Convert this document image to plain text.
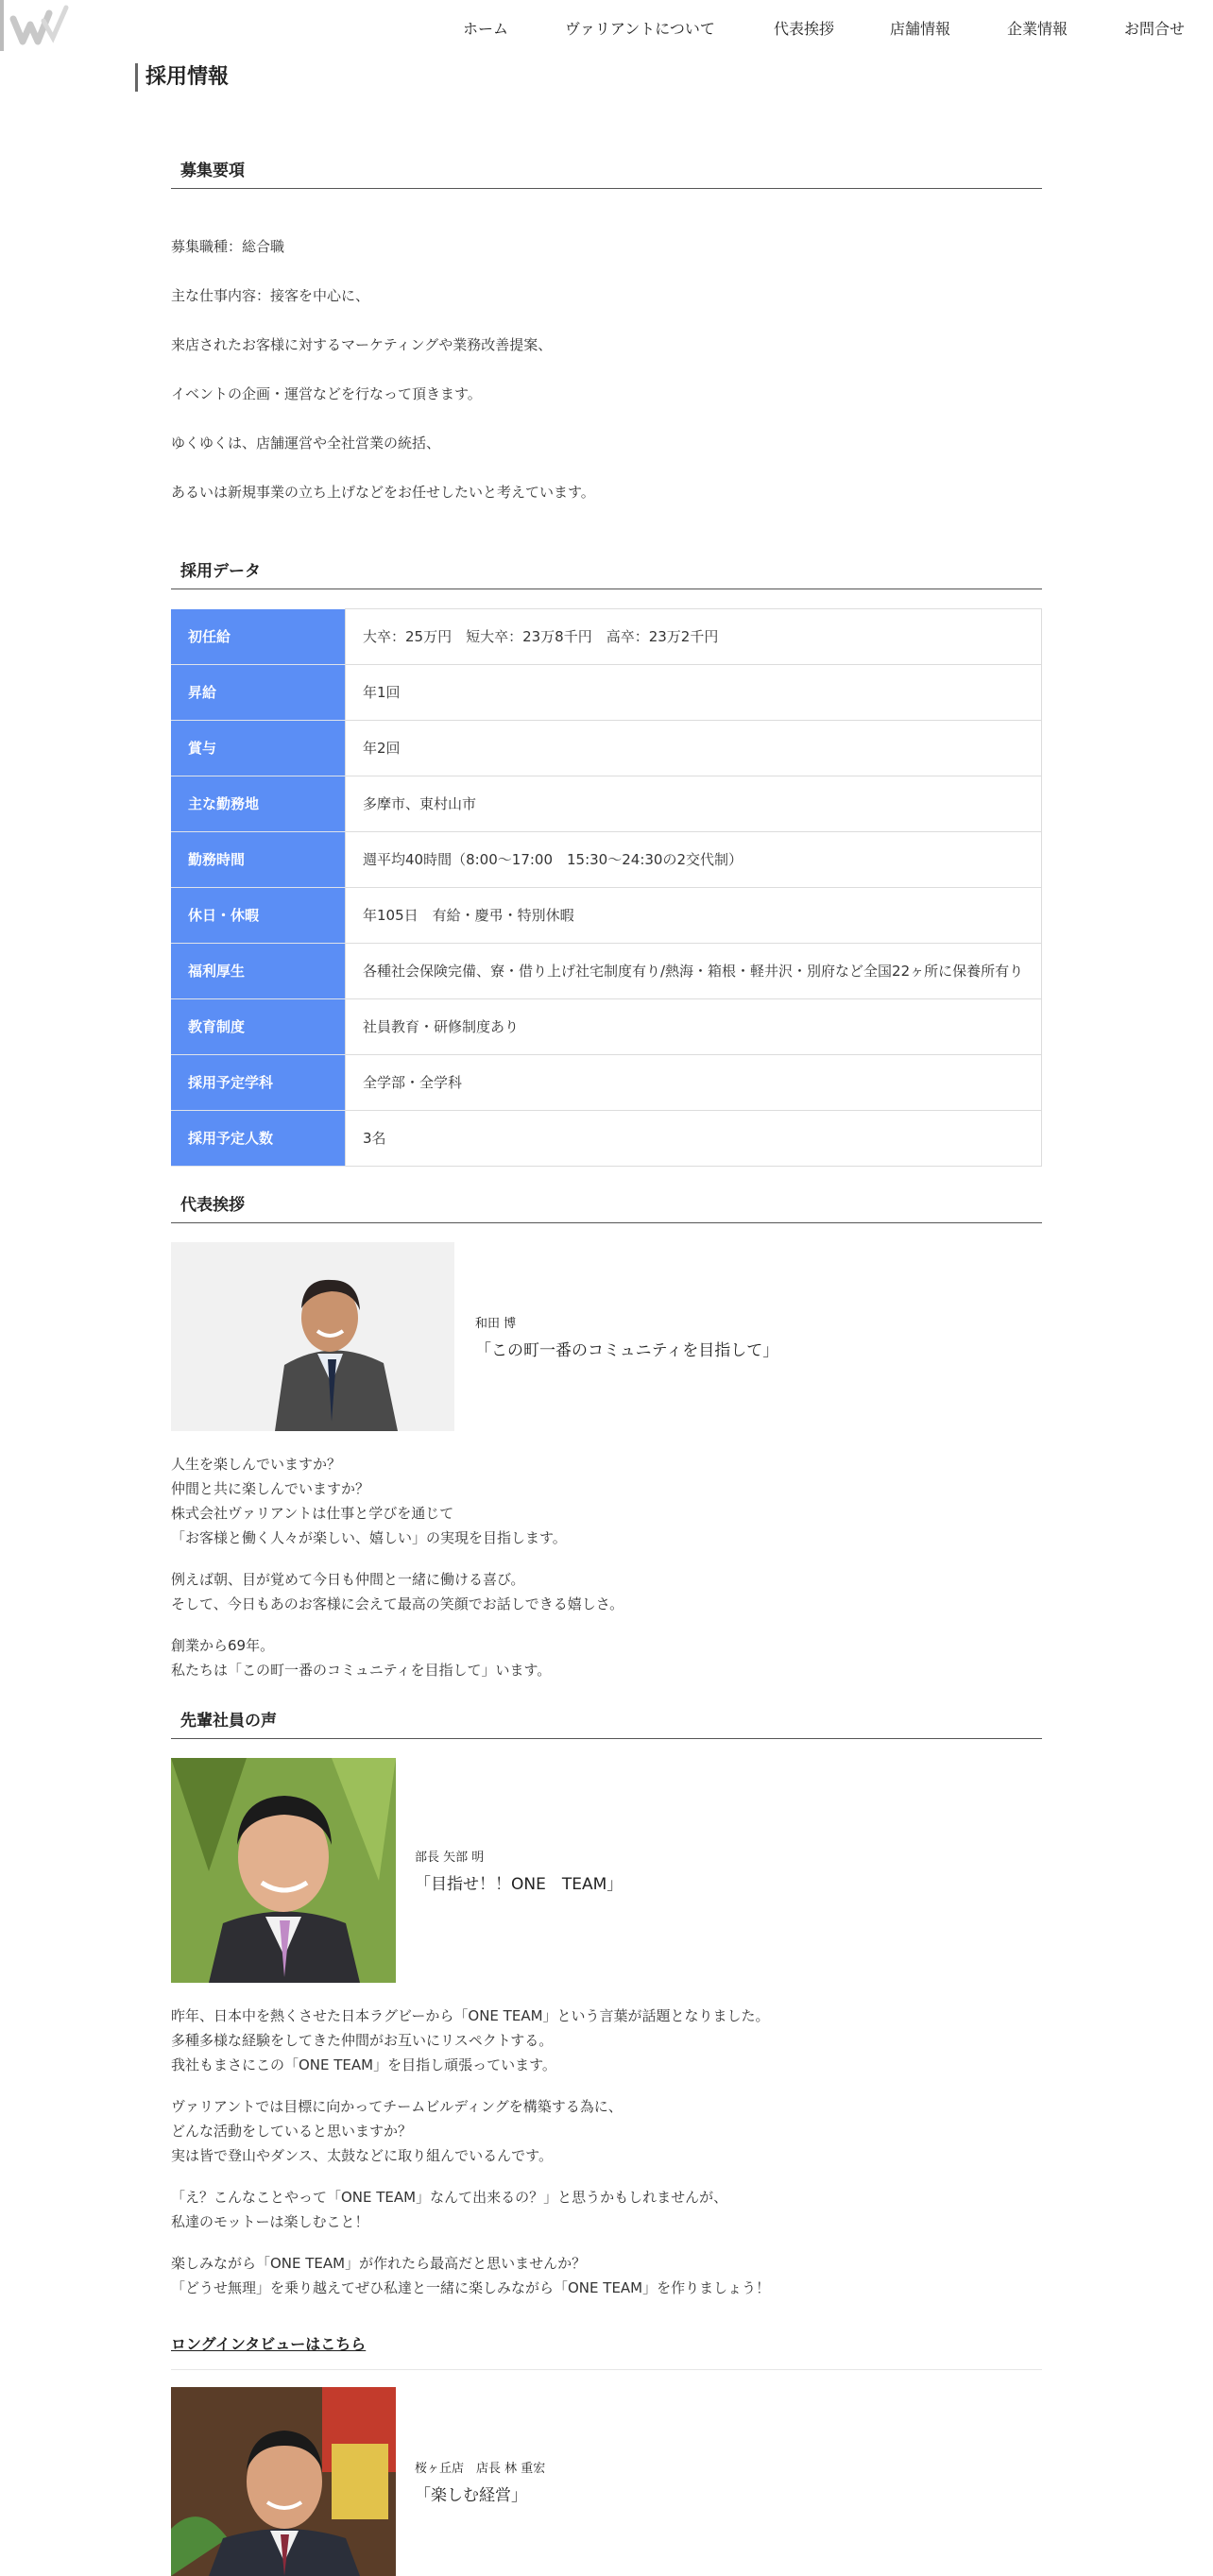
ホーム	ヴァリアントについて	代表挨拶	店舗情報	企業情報	お問合せ
採用情報
募集要項

募集職種：総合職

主な仕事内容：接客を中心に、

来店されたお客様に対するマーケティングや業務改善提案、

イベントの企画・運営などを行なって頂きます。

ゆくゆくは、店舗運営や全社営業の統括、

あるいは新規事業の立ち上げなどをお任せしたいと考えています。

採用データ
初任給	大卒：25万円　短大卒：23万8千円　高卒：23万2千円

昇給	年1回

賞与	年2回

主な勤務地	多摩市、東村山市

勤務時間	週平均40時間（8:00～17:00　15:30～24:30の2交代制）

休日・休暇	年105日　有給・慶弔・特別休暇

福利厚生	各種社会保険完備、寮・借り上げ社宅制度有り/熱海・箱根・軽井沢・別府など全国22ヶ所に保養所有り

教育制度	社員教育・研修制度あり

採用予定学科	全学部・全学科

採用予定人数	3名
代表挨拶
和田 博
「この町一番のコミュニティを目指して」
人生を楽しんでいますか？
仲間と共に楽しんでいますか？
株式会社ヴァリアントは仕事と学びを通じて
「お客様と働く人々が楽しい、嬉しい」の実現を目指します。
例えば朝、目が覚めて今日も仲間と一緒に働ける喜び。
そして、今日もあのお客様に会えて最高の笑顔でお話しできる嬉しさ。
創業から69年。
私たちは「この町一番のコミュニティを目指して」います。
先輩社員の声
部長 矢部 明
「目指せ！！ONE　TEAM」
昨年、日本中を熱くさせた日本ラグビーから「ONE TEAM」という言葉が話題となりました。
多種多様な経験をしてきた仲間がお互いにリスペクトする。
我社もまさにこの「ONE TEAM」を目指し頑張っています。
ヴァリアントでは目標に向かってチームビルディングを構築する為に、
どんな活動をしていると思いますか？
実は皆で登山やダンス、太鼓などに取り組んでいるんです。
「え？こんなことやって「ONE TEAM」なんて出来るの？」と思うかもしれませんが、
私達のモットーは楽しむこと！
楽しみながら「ONE TEAM」が作れたら最高だと思いませんか？
「どうせ無理」を乗り越えてぜひ私達と一緒に楽しみながら「ONE TEAM」を作りましょう！
ロングインタビューはこちら
桜ヶ丘店　店長 林 重宏
「楽しむ経営」
